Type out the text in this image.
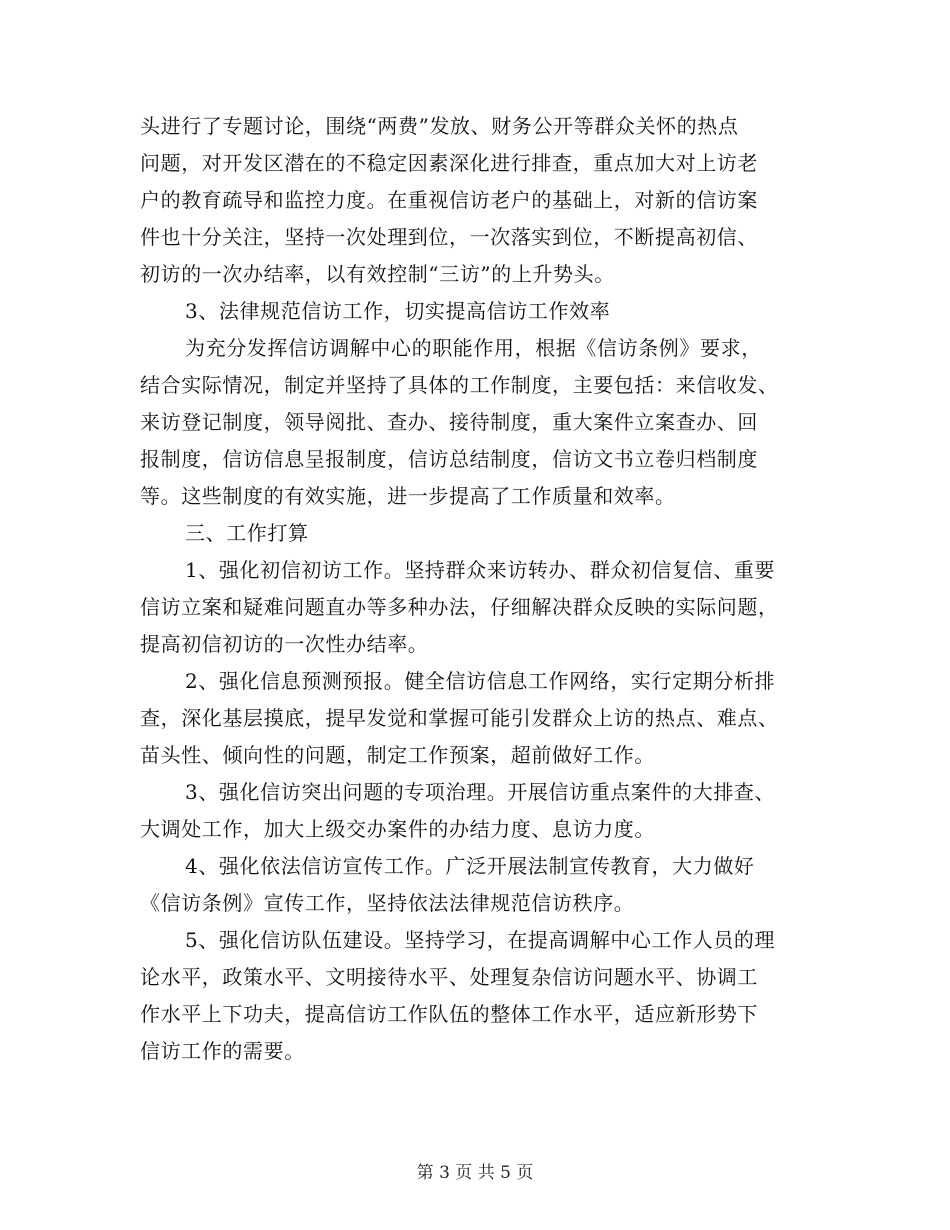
头进行了专题讨论，围绕“两费”发放、财务公开等群众关怀的热点
问题，对开发区潜在的不稳定因素深化进行排查，重点加大对上访老
户的教育疏导和监控力度。在重视信访老户的基础上，对新的信访案
件也十分关注，坚持一次处理到位，一次落实到位，不断提高初信、
初访的一次办结率，以有效控制“三访”的上升势头。
3、法律规范信访工作，切实提高信访工作效率
为充分发挥信访调解中心的职能作用，根据《信访条例》要求，
结合实际情况，制定并坚持了具体的工作制度，主要包括：来信收发、
来访登记制度，领导阅批、查办、接待制度，重大案件立案查办、回
报制度，信访信息呈报制度，信访总结制度，信访文书立卷归档制度
等。这些制度的有效实施，进一步提高了工作质量和效率。
三、工作打算
1、强化初信初访工作。坚持群众来访转办、群众初信复信、重要
信访立案和疑难问题直办等多种办法，仔细解决群众反映的实际问题，
提高初信初访的一次性办结率。
2、强化信息预测预报。健全信访信息工作网络，实行定期分析排
查，深化基层摸底，提早发觉和掌握可能引发群众上访的热点、难点、
苗头性、倾向性的问题，制定工作预案，超前做好工作。
3、强化信访突出问题的专项治理。开展信访重点案件的大排查、
大调处工作，加大上级交办案件的办结力度、息访力度。
4、强化依法信访宣传工作。广泛开展法制宣传教育，大力做好
《信访条例》宣传工作，坚持依法法律规范信访秩序。
5、强化信访队伍建设。坚持学习，在提高调解中心工作人员的理
论水平，政策水平、文明接待水平、处理复杂信访问题水平、协调工
作水平上下功夫，提高信访工作队伍的整体工作水平，适应新形势下
信访工作的需要。
第 3 页 共 5 页
